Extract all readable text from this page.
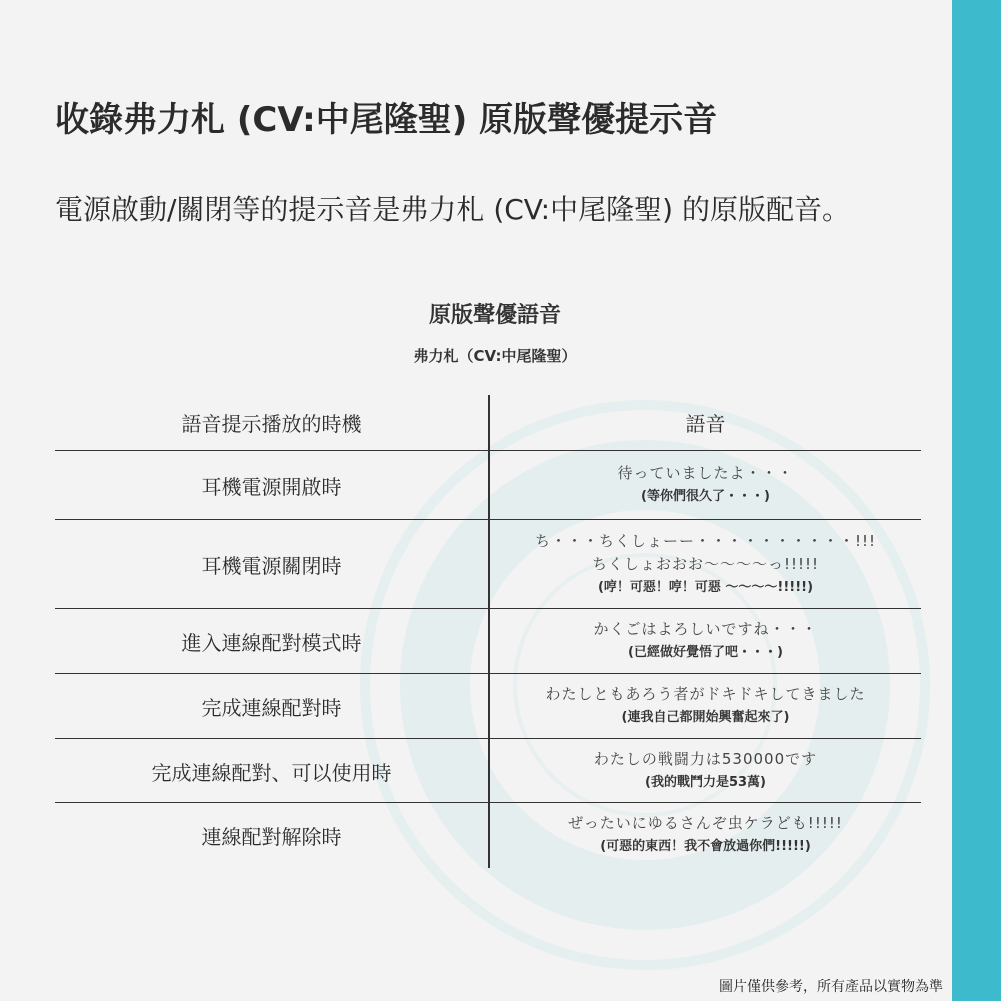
收錄弗力札 (CV:中尾隆聖) 原版聲優提示音

電源啟動/關閉等的提示音是弗力札 (CV:中尾隆聖) 的原版配音。

原版聲優語音
弗力札（CV:中尾隆聖）
語音提示播放的時機	語音
耳機電源開啟時
待っていましたよ・・・
(等你們很久了・・・)
耳機電源關閉時
ち・・・ちくしょーー・・・・・・・・・・!!!
ちくしょおおお〜〜〜〜っ!!!!!
(哼！可惡！哼！可惡 〜〜〜〜!!!!!)
進入連線配對模式時
かくごはよろしいですね・・・
(已經做好覺悟了吧・・・)
完成連線配對時
わたしともあろう者がドキドキしてきました
(連我自己都開始興奮起來了)
完成連線配對、可以使用時
わたしの戦闘力は530000です
(我的戰鬥力是53萬)
連線配對解除時
ぜったいにゆるさんぞ虫ケラども!!!!!
(可惡的東西！我不會放過你們!!!!!)
圖片僅供參考，所有產品以實物為準
